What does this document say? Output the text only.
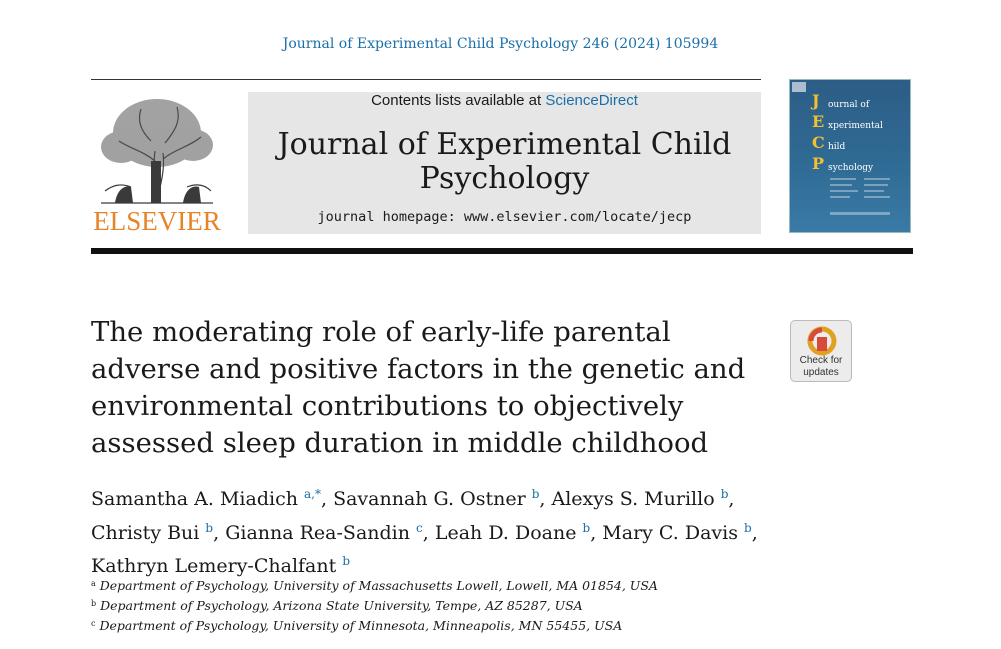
Journal of Experimental Child Psychology 246 (2024) 105994
ELSEVIER
Contents lists available at ScienceDirect
Journal of Experimental Child Psychology
journal homepage: www.elsevier.com/locate/jecp
J
E
C
P
ournal of
xperimental
hild
sychology
The moderating role of early-life parental adverse and positive factors in the genetic and environmental contributions to objectively assessed sleep duration in middle childhood
Check for
updates
Samantha A. Miadich $^{a,*}$, Savannah G. Ostner $^b$, Alexys S. Murillo $^b$,
Christy Bui $^b$, Gianna Rea-Sandin $^c$, Leah D. Doane $^b$, Mary C. Davis $^b$,
Kathryn Lemery-Chalfant $^b$
$^a$ Department of Psychology, University of Massachusetts Lowell, Lowell, MA 01854, USA
$^b$ Department of Psychology, Arizona State University, Tempe, AZ 85287, USA
$^c$ Department of Psychology, University of Minnesota, Minneapolis, MN 55455, USA
